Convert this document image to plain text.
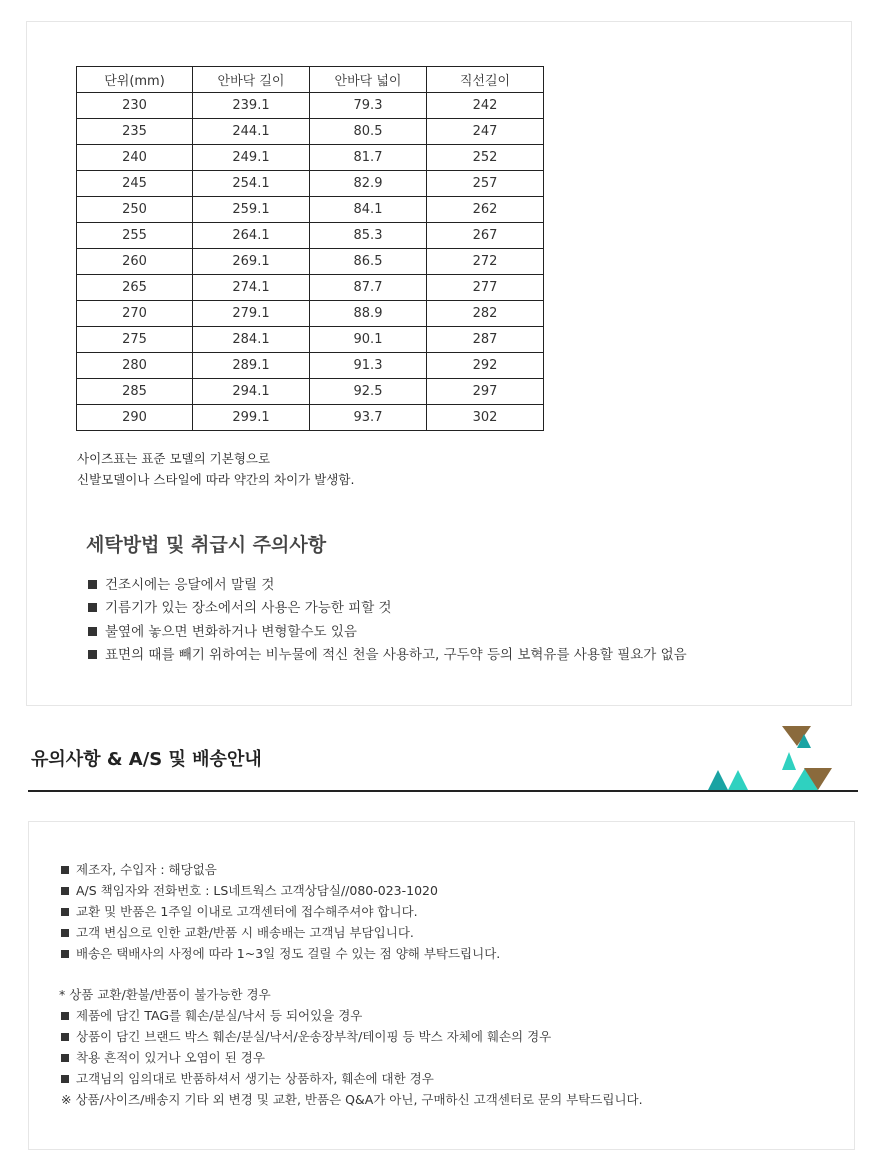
단위(mm)	안바닥 길이	안바닥 넓이	직선길이
230	239.1	79.3	242
235	244.1	80.5	247
240	249.1	81.7	252
245	254.1	82.9	257
250	259.1	84.1	262
255	264.1	85.3	267
260	269.1	86.5	272
265	274.1	87.7	277
270	279.1	88.9	282
275	284.1	90.1	287
280	289.1	91.3	292
285	294.1	92.5	297
290	299.1	93.7	302
사이즈표는 표준 모델의 기본형으로
신발모델이나 스타일에 따라 약간의 차이가 발생함.
세탁방법 및 취급시 주의사항
건조시에는 응달에서 말릴 것
기름기가 있는 장소에서의 사용은 가능한 피할 것
불옆에 놓으면 변화하거나 변형할수도 있음
표면의 때를 빼기 위하여는 비누물에 적신 천을 사용하고, 구두약 등의 보혁유를 사용할 필요가 없음
유의사항 & A/S 및 배송안내
제조자, 수입자 : 해당없음
A/S 책임자와 전화번호 : LS네트웍스 고객상담실//080-023-1020
교환 및 반품은 1주일 이내로 고객센터에 접수해주셔야 합니다.
고객 변심으로 인한 교환/반품 시 배송배는 고객님 부담입니다.
배송은 택배사의 사정에 따라 1~3일 정도 걸릴 수 있는 점 양해 부탁드립니다.
* 상품 교환/환불/반품이 불가능한 경우
제품에 담긴 TAG를 훼손/분실/낙서 등 되어있을 경우
상품이 담긴 브랜드 박스 훼손/분실/낙서/운송장부착/테이핑 등 박스 자체에 훼손의 경우
착용 흔적이 있거나 오염이 된 경우
고객님의 임의대로 반품하셔서 생기는 상품하자, 훼손에 대한 경우
※ 상품/사이즈/배송지 기타 외 변경 및 교환, 반품은 Q&A가 아닌, 구매하신 고객센터로 문의 부탁드립니다.
